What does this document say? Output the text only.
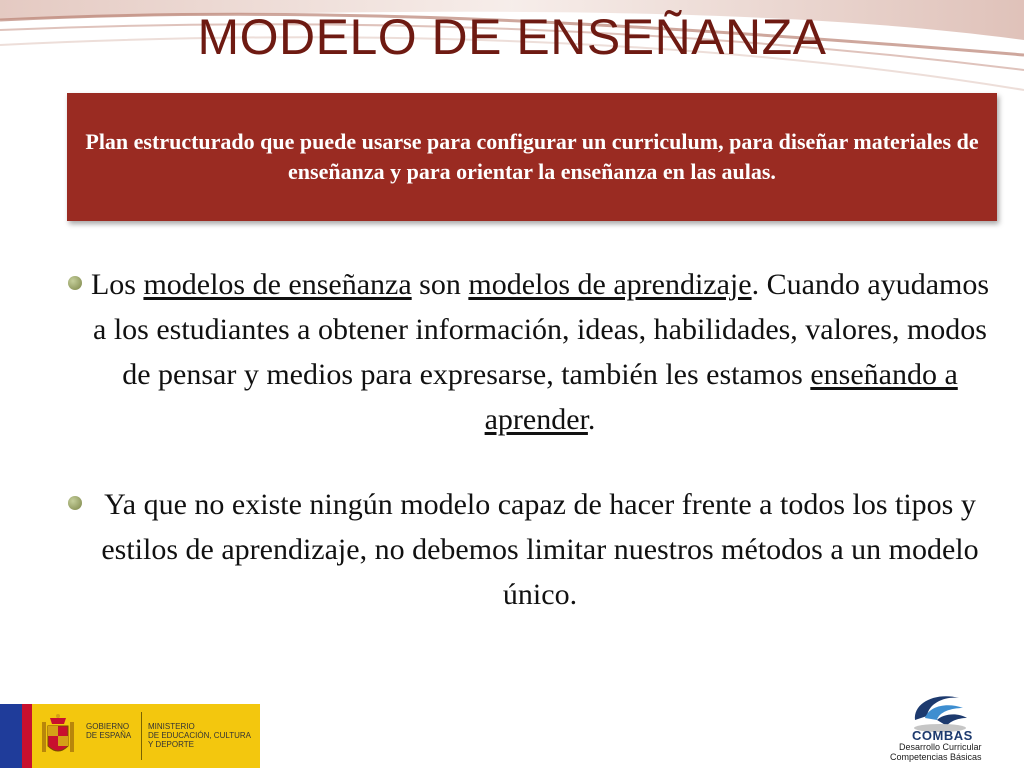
MODELO DE ENSEÑANZA
Plan estructurado que puede usarse para configurar un curriculum, para diseñar materiales de enseñanza y para orientar la enseñanza en las aulas.
Los modelos de enseñanza son modelos de aprendizaje. Cuando ayudamos a los estudiantes a obtener información, ideas, habilidades, valores, modos de pensar y medios para expresarse, también les estamos enseñando a aprender.
Ya que no existe ningún modelo capaz de hacer frente a todos los tipos y estilos de aprendizaje, no debemos limitar nuestros métodos a un modelo único.
GOBIERNO
DE ESPAÑA
MINISTERIO
DE EDUCACIÓN, CULTURA
Y DEPORTE
COMBAS
Desarrollo Curricular
Competencias Básicas
